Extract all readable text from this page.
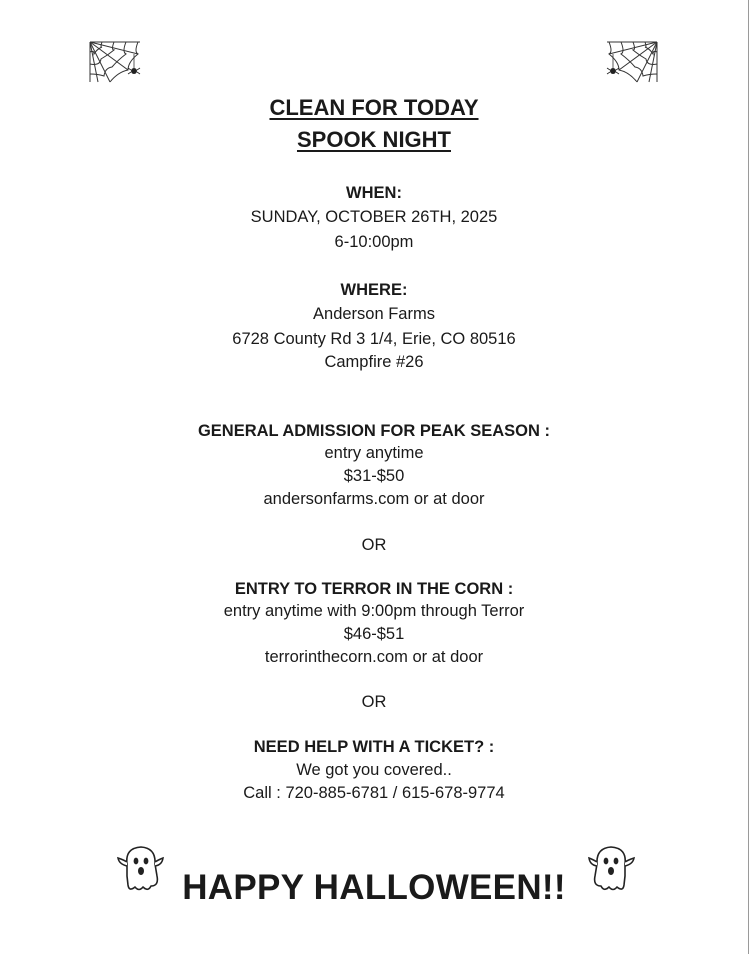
CLEAN FOR TODAY
SPOOK NIGHT
WHEN:
SUNDAY, OCTOBER 26TH, 2025
6-10:00pm
WHERE:
Anderson Farms
6728 County Rd 3 1/4, Erie, CO 80516
Campfire #26
GENERAL ADMISSION FOR PEAK SEASON :
entry anytime
$31-$50
andersonfarms.com or at door
OR
ENTRY TO TERROR IN THE CORN :
entry anytime with 9:00pm through Terror
$46-$51
terrorinthecorn.com or at door
OR
NEED HELP WITH A TICKET? :
We got you covered..
Call : 720-885-6781 / 615-678-9774
HAPPY HALLOWEEN!!
